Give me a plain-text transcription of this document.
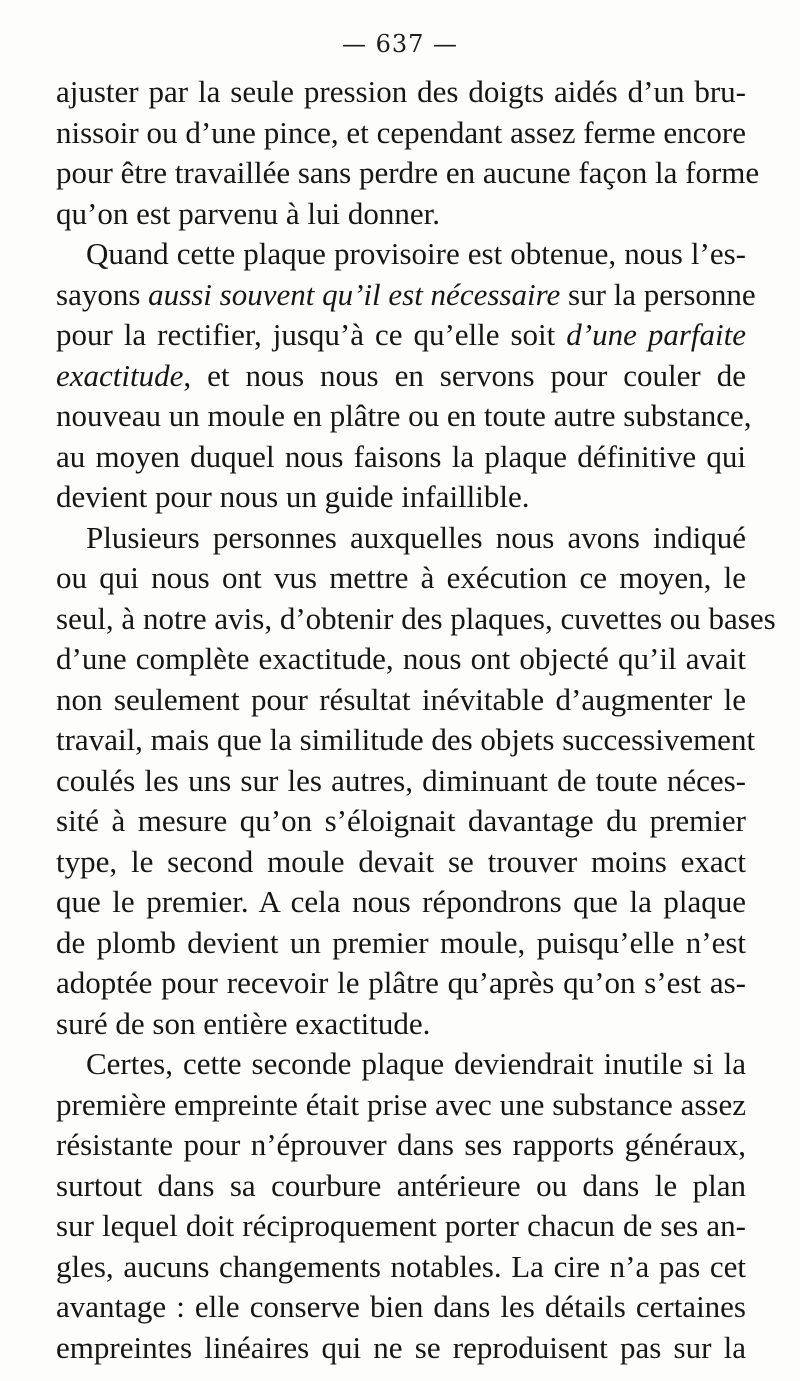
— 637 —
ajuster par la seule pression des doigts aidés d’un bru-
nissoir ou d’une pince, et cependant assez ferme encore
pour être travaillée sans perdre en aucune façon la forme
qu’on est parvenu à lui donner.
Quand cette plaque provisoire est obtenue, nous l’es-
sayons aussi souvent qu’il est nécessaire sur la personne
pour la rectifier, jusqu’à ce qu’elle soit d’une parfaite
exactitude, et nous nous en servons pour couler de
nouveau un moule en plâtre ou en toute autre substance,
au moyen duquel nous faisons la plaque définitive qui
devient pour nous un guide infaillible.
Plusieurs personnes auxquelles nous avons indiqué
ou qui nous ont vus mettre à exécution ce moyen, le
seul, à notre avis, d’obtenir des plaques, cuvettes ou bases
d’une complète exactitude, nous ont objecté qu’il avait
non seulement pour résultat inévitable d’augmenter le
travail, mais que la similitude des objets successivement
coulés les uns sur les autres, diminuant de toute néces-
sité à mesure qu’on s’éloignait davantage du premier
type, le second moule devait se trouver moins exact
que le premier. A cela nous répondrons que la plaque
de plomb devient un premier moule, puisqu’elle n’est
adoptée pour recevoir le plâtre qu’après qu’on s’est as-
suré de son entière exactitude.
Certes, cette seconde plaque deviendrait inutile si la
première empreinte était prise avec une substance assez
résistante pour n’éprouver dans ses rapports généraux,
surtout dans sa courbure antérieure ou dans le plan
sur lequel doit réciproquement porter chacun de ses an-
gles, aucuns changements notables. La cire n’a pas cet
avantage : elle conserve bien dans les détails certaines
empreintes linéaires qui ne se reproduisent pas sur la
